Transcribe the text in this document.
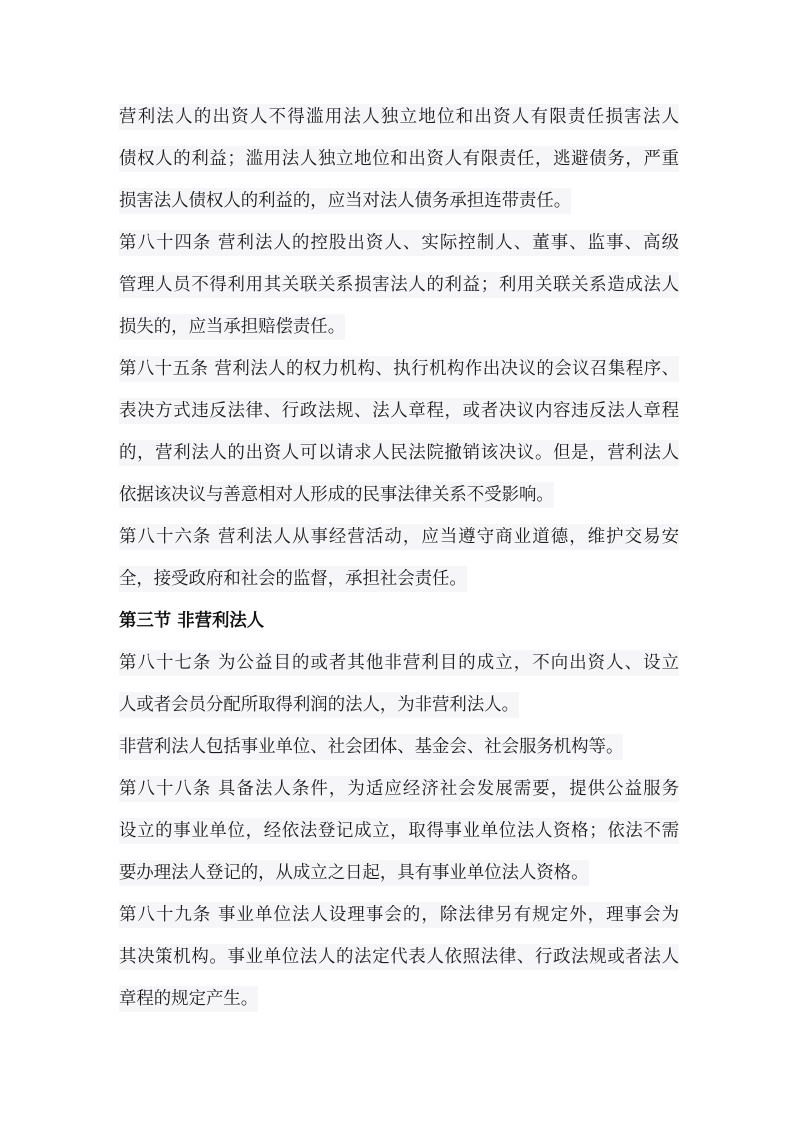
营利法人的出资人不得滥用法人独立地位和出资人有限责任损害法人
债权人的利益；滥用法人独立地位和出资人有限责任，逃避债务，严重
损害法人债权人的利益的，应当对法人债务承担连带责任。
第八十四条 营利法人的控股出资人、实际控制人、董事、监事、高级
管理人员不得利用其关联关系损害法人的利益；利用关联关系造成法人
损失的，应当承担赔偿责任。
第八十五条 营利法人的权力机构、执行机构作出决议的会议召集程序、
表决方式违反法律、行政法规、法人章程，或者决议内容违反法人章程
的，营利法人的出资人可以请求人民法院撤销该决议。但是，营利法人
依据该决议与善意相对人形成的民事法律关系不受影响。
第八十六条 营利法人从事经营活动，应当遵守商业道德，维护交易安
全，接受政府和社会的监督，承担社会责任。
第三节 非营利法人
第八十七条 为公益目的或者其他非营利目的成立，不向出资人、设立
人或者会员分配所取得利润的法人，为非营利法人。
非营利法人包括事业单位、社会团体、基金会、社会服务机构等。
第八十八条 具备法人条件，为适应经济社会发展需要，提供公益服务
设立的事业单位，经依法登记成立，取得事业单位法人资格；依法不需
要办理法人登记的，从成立之日起，具有事业单位法人资格。
第八十九条 事业单位法人设理事会的，除法律另有规定外，理事会为
其决策机构。事业单位法人的法定代表人依照法律、行政法规或者法人
章程的规定产生。
